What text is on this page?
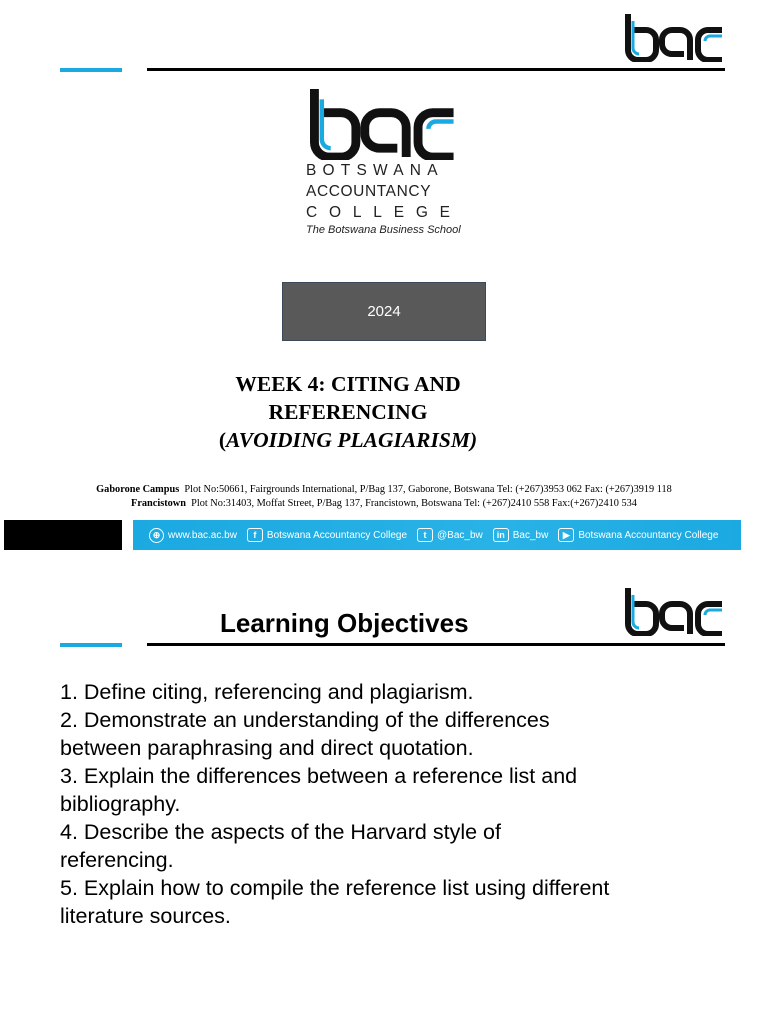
BOTSWANA
ACCOUNTANCY
COLLEGE
The Botswana Business School
2024
WEEK 4: CITING AND
REFERENCING
(AVOIDING PLAGIARISM)
Gaborone Campus Plot No:50661, Fairgrounds International, P/Bag 137, Gaborone, Botswana Tel: (+267)3953 062 Fax: (+267)3919 118
Francistown Plot No:31403, Moffat Street, P/Bag 137, Francistown, Botswana Tel: (+267)2410 558 Fax:(+267)2410 534
⊕ www.bac.ac.bw	f	Botswana Accountancy College	t	@Bac_bw	in Bac_bw	▶ Botswana Accountancy College
Learning Objectives
1. Define citing, referencing and plagiarism.
2. Demonstrate an understanding of the differences between paraphrasing and direct quotation.
3. Explain the differences between a reference list and bibliography.
4. Describe the aspects of the Harvard style of referencing.
5. Explain how to compile the reference list using different literature sources.
